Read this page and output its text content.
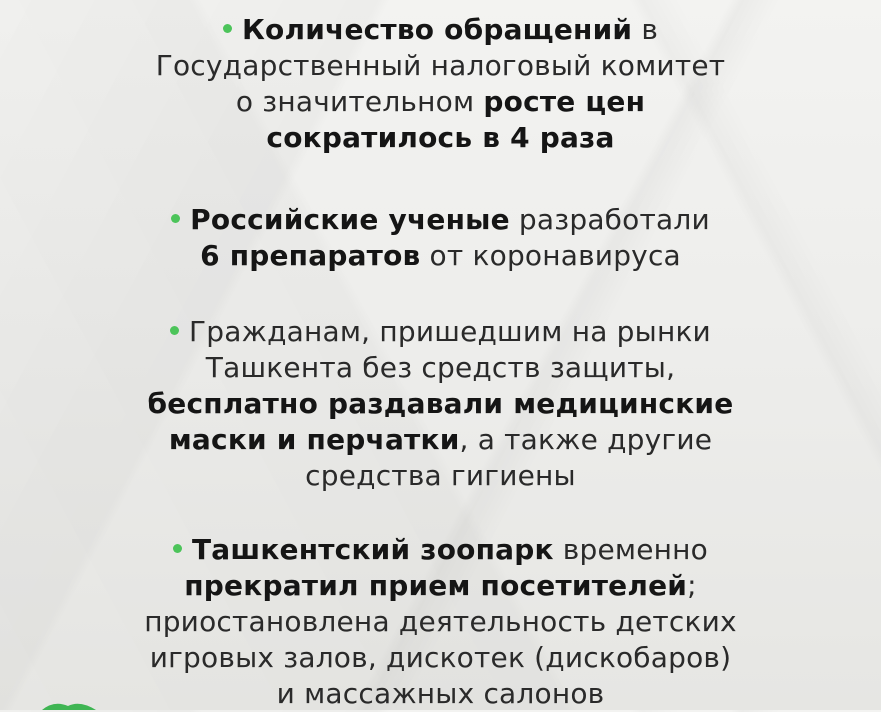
Количество обращений в
Государственный налоговый комитет
о значительном росте цен
сократилось в 4 раза
Российские ученые разработали
6 препаратов от коронавируса
Гражданам, пришедшим на рынки
Ташкента без средств защиты,
бесплатно раздавали медицинские
маски и перчатки, а также другие
средства гигиены
Ташкентский зоопарк временно
прекратил прием посетителей;
приостановлена деятельность детских
игровых залов, дискотек (дискобаров)
и массажных салонов
